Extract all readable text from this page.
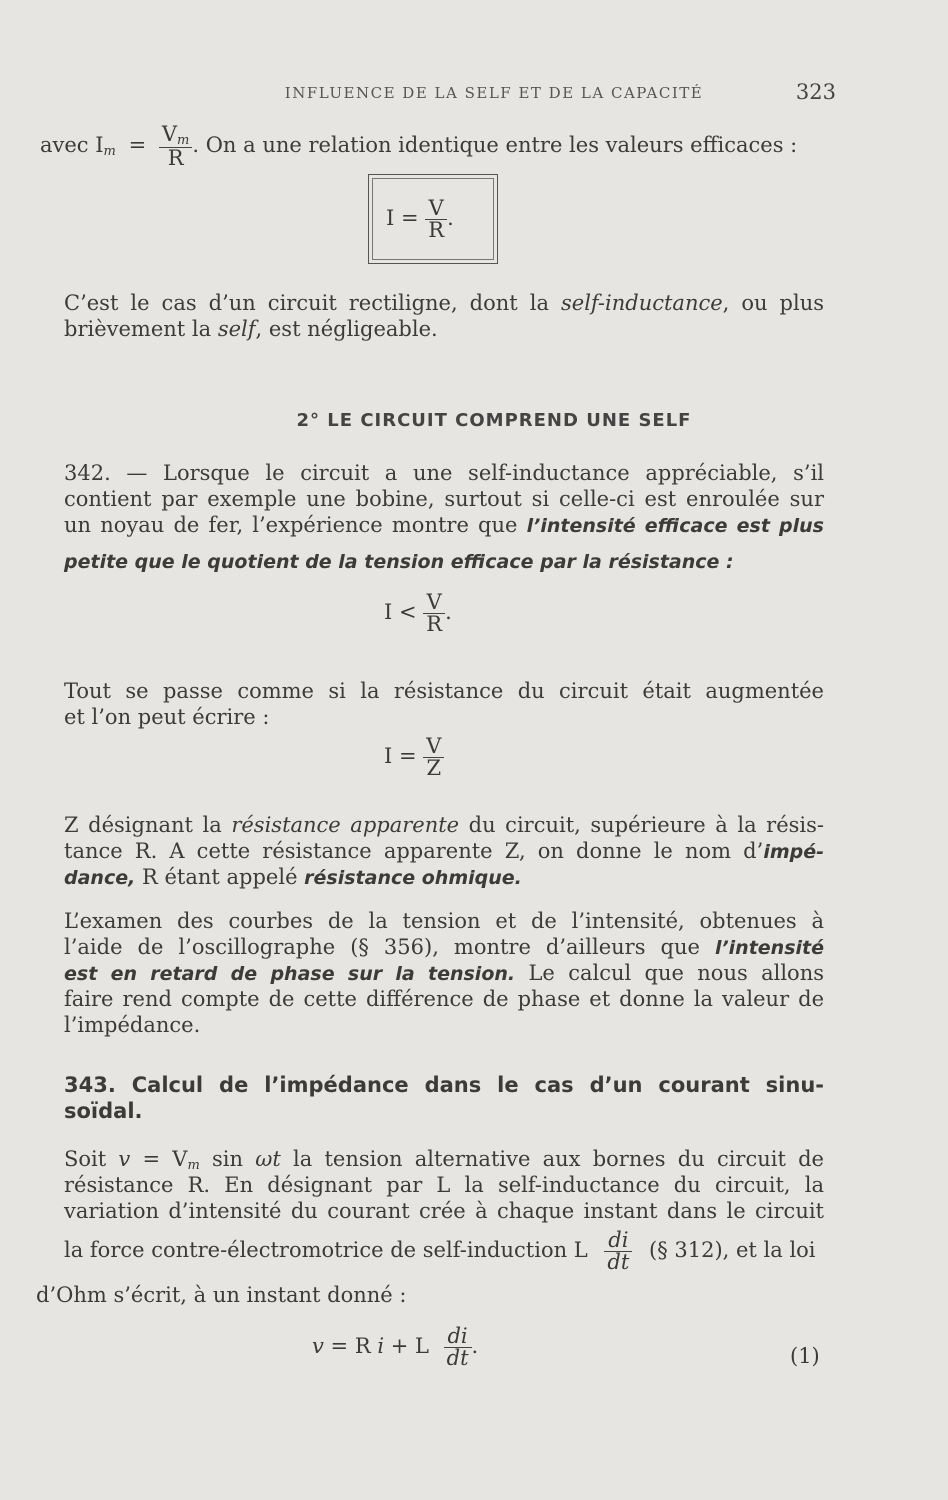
INFLUENCE DE LA SELF ET DE LA CAPACITÉ	323
avec $I_m = \frac{V_m}{R}$ . On a une relation identique entre les valeurs efficaces :
$I = \frac{V}{R}$ .
C’est le cas d’un circuit rectiligne, dont la self-inductance, ou plus
brièvement la self, est négligeable.
2° LE CIRCUIT COMPREND UNE SELF
342. — Lorsque le circuit a une self-inductance appréciable, s’il
contient par exemple une bobine, surtout si celle-ci est enroulée sur
un noyau de fer, l’expérience montre que l’intensité efficace est plus
petite que le quotient de la tension efficace par la résistance :
$I < \frac{V}{R}$ .
Tout se passe comme si la résistance du circuit était augmentée
et l’on peut écrire :
$I = \frac{V}{Z}$
Z désignant la résistance apparente du circuit, supérieure à la résis-
tance R. A cette résistance apparente Z, on donne le nom d’impé-
dance, R étant appelé résistance ohmique.
L’examen des courbes de la tension et de l’intensité, obtenues à
l’aide de l’oscillographe (§ 356), montre d’ailleurs que l’intensité
est en retard de phase sur la tension. Le calcul que nous allons
faire rend compte de cette différence de phase et donne la valeur de
l’impédance.
343. Calcul de l’impédance dans le cas d’un courant sinu-
soïdal.
Soit $v = V_m$ sin ωt la tension alternative aux bornes du circuit de
résistance R. En désignant par L la self-inductance du circuit, la
variation d’intensité du courant crée à chaque instant dans le circuit
la force contre-électromotrice de self-induction L $\frac{di}{dt}$ (§ 312), et la loi
d’Ohm s’écrit, à un instant donné :
v = R i + L $\frac{di}{dt}$ .	(1)
